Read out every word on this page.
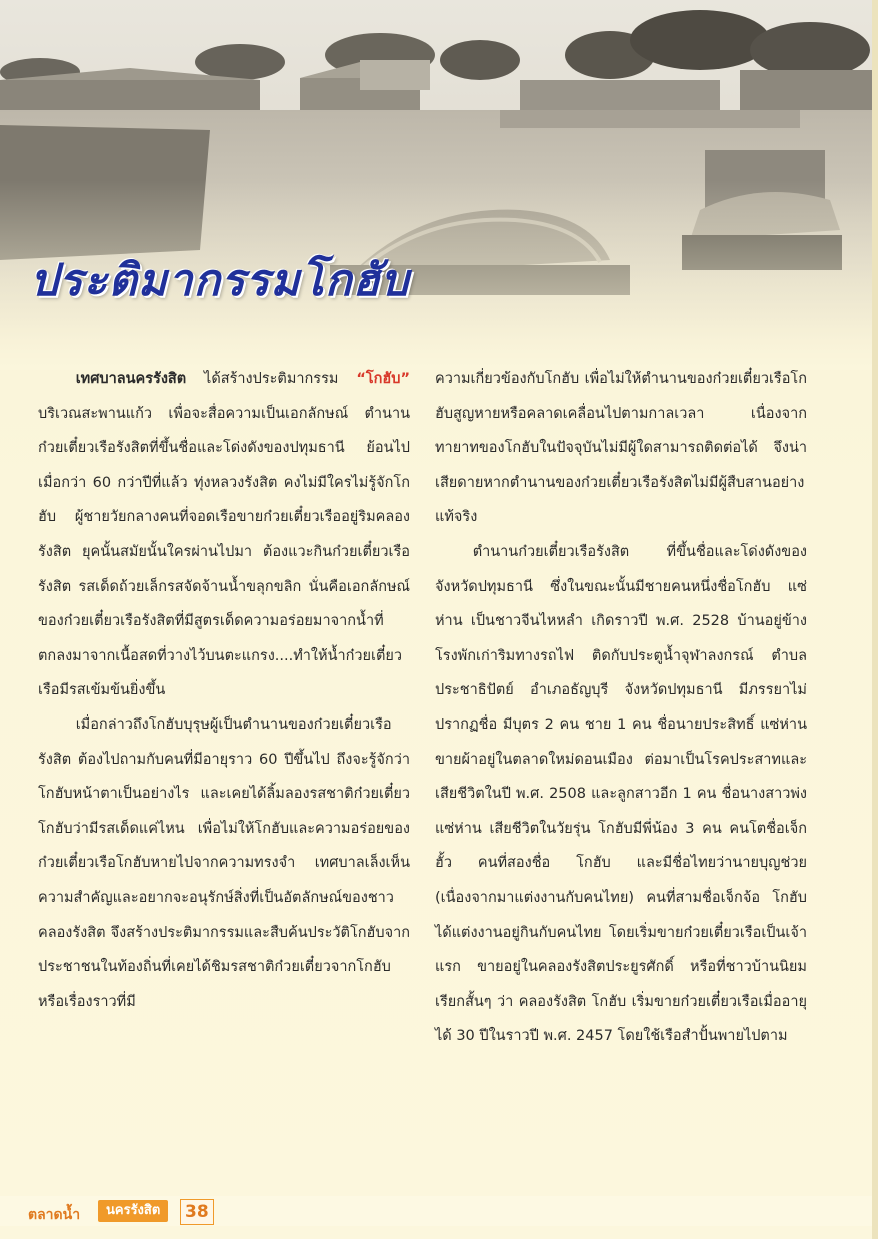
ประติมากรรมโกฮับ

เทศบาลนครรังสิต ได้สร้างประติมากรรม “โกฮับ” บริเวณสะพานแก้ว เพื่อจะสื่อความเป็นเอกลักษณ์ ตำนานก๋วยเตี๋ยวเรือรังสิตที่ขึ้นชื่อและโด่งดังของปทุมธานี ย้อนไปเมื่อกว่า 60 กว่าปีที่แล้ว ทุ่งหลวงรังสิต คงไม่มีใครไม่รู้จักโกฮับ ผู้ชายวัยกลางคนที่จอดเรือขายก๋วยเตี๋ยวเรืออยู่ริมคลองรังสิต ยุคนั้นสมัยนั้นใครผ่านไปมา ต้องแวะกินก๋วยเตี๋ยวเรือรังสิต รสเด็ดถ้วยเล็กรสจัดจ้านน้ำขลุกขลิก นั่นคือเอกลักษณ์ของก๋วยเตี๋ยวเรือรังสิตที่มีสูตรเด็ดความอร่อยมาจากน้ำที่ตกลงมาจากเนื้อสดที่วางไว้บนตะแกรง....ทำให้น้ำก๋วยเตี๋ยวเรือมีรสเข้มข้นยิ่งขึ้น

เมื่อกล่าวถึงโกฮับบุรุษผู้เป็นตำนานของก๋วยเตี๋ยวเรือรังสิต ต้องไปถามกับคนที่มีอายุราว 60 ปีขึ้นไป ถึงจะรู้จักว่าโกฮับหน้าตาเป็นอย่างไร และเคยได้ลิ้มลองรสชาติก๋วยเตี๋ยวโกฮับว่ามีรสเด็ดแค่ไหน เพื่อไม่ให้โกฮับและความอร่อยของก๋วยเตี๋ยวเรือโกฮับหายไปจากความทรงจำ เทศบาลเล็งเห็นความสำคัญและอยากจะอนุรักษ์สิ่งที่เป็นอัตลักษณ์ของชาวคลองรังสิต จึงสร้างประติมากรรมและสืบค้นประวัติโกฮับจากประชาชนในท้องถิ่นที่เคยได้ชิมรสชาติก๋วยเตี๋ยวจากโกฮับ หรือเรื่องราวที่มี

ความเกี่ยวข้องกับโกฮับ เพื่อไม่ให้ตำนานของก๋วยเตี๋ยวเรือโกฮับสูญหายหรือคลาดเคลื่อนไปตามกาลเวลา เนื่องจากทายาทของโกฮับในปัจจุบันไม่มีผู้ใดสามารถติดต่อได้ จึงน่าเสียดายหากตำนานของก๋วยเตี๋ยวเรือรังสิตไม่มีผู้สืบสานอย่างแท้จริง

ตำนานก๋วยเตี๋ยวเรือรังสิต ที่ขึ้นชื่อและโด่งดังของจังหวัดปทุมธานี ซึ่งในขณะนั้นมีชายคนหนึ่งชื่อโกฮับ แซ่ห่าน เป็นชาวจีนไหหลำ เกิดราวปี พ.ศ. 2528 บ้านอยู่ข้างโรงพักเก่าริมทางรถไฟ ติดกับประตูน้ำจุฬาลงกรณ์ ตำบลประชาธิปัตย์ อำเภอธัญบุรี จังหวัดปทุมธานี มีภรรยาไม่ปรากฏชื่อ มีบุตร 2 คน ชาย 1 คน ชื่อนายประสิทธิ์ แซ่ห่าน ขายผ้าอยู่ในตลาดใหม่ดอนเมือง ต่อมาเป็นโรคประสาทและเสียชีวิตในปี พ.ศ. 2508 และลูกสาวอีก 1 คน ชื่อนางสาวพ่ง แซ่ห่าน เสียชีวิตในวัยรุ่น โกฮับมีพี่น้อง 3 คน คนโตชื่อเจ็กฮั้ว คนที่สองชื่อ โกฮับ และมีชื่อไทยว่านายบุญช่วย (เนื่องจากมาแต่งงานกับคนไทย) คนที่สามชื่อเจ็กจ้อ โกฮับ ได้แต่งงานอยู่กินกับคนไทย โดยเริ่มขายก๋วยเตี๋ยวเรือเป็นเจ้าแรก ขายอยู่ในคลองรังสิตประยูรศักดิ์ หรือที่ชาวบ้านนิยมเรียกสั้นๆ ว่า คลองรังสิต โกฮับ เริ่มขายก๋วยเตี๋ยวเรือเมื่ออายุได้ 30 ปีในราวปี พ.ศ. 2457 โดยใช้เรือสำปั้นพายไปตาม

ตลาดน้ำ	นครรังสิต	38
